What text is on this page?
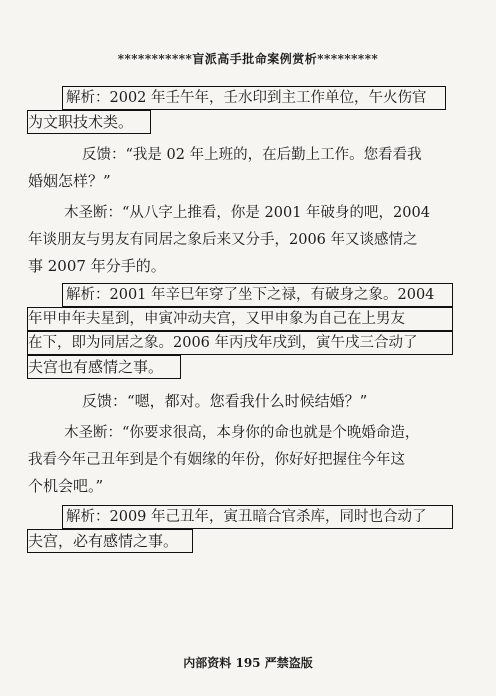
***********盲派高手批命案例赏析*********
解析：2002 年壬午年，壬水印到主工作单位，午火伤官
为文职技术类。
反馈：“我是 02 年上班的，在后勤上工作。您看看我
婚姻怎样？”
木圣断：“从八字上推看，你是 2001 年破身的吧，2004
年谈朋友与男友有同居之象后来又分手，2006 年又谈感情之
事 2007 年分手的。
解析：2001 年辛巳年穿了坐下之禄，有破身之象。2004
年甲申年夫星到，申寅冲动夫宫，又甲申象为自己在上男友
在下，即为同居之象。2006 年丙戌年戌到，寅午戌三合动了
夫宫也有感情之事。
反馈：“嗯，都对。您看我什么时候结婚？”
木圣断：“你要求很高，本身你的命也就是个晚婚命造，
我看今年己丑年到是个有姻缘的年份，你好好把握住今年这
个机会吧。”
解析：2009 年己丑年，寅丑暗合官杀库，同时也合动了
夫宫，必有感情之事。
内部资料 195 严禁盗版
